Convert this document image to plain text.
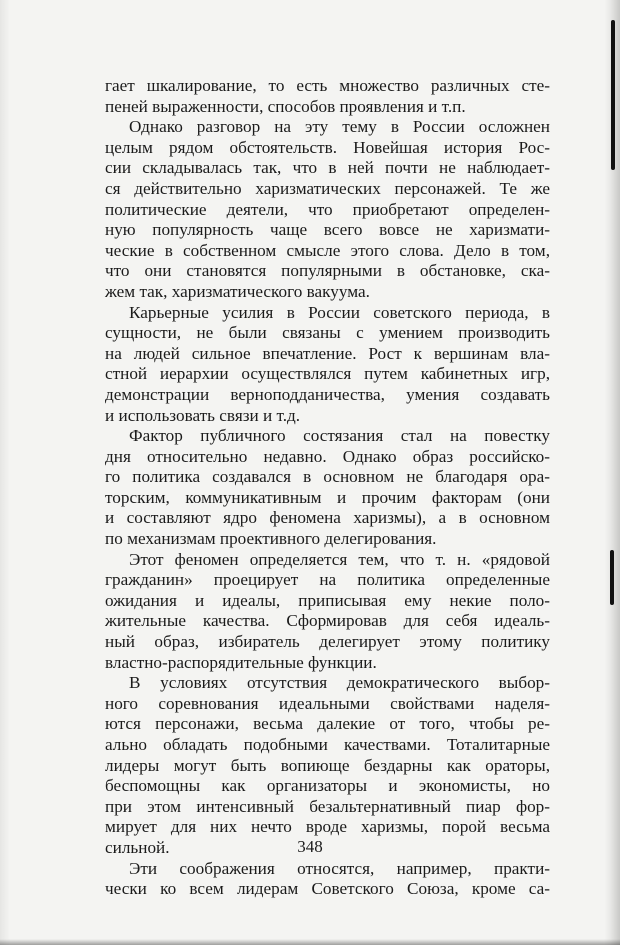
гает шкалирование, то есть множество различных сте-
пеней выраженности, способов проявления и т.п.
Однако разговор на эту тему в России осложнен
целым рядом обстоятельств. Новейшая история Рос-
сии складывалась так, что в ней почти не наблюдает-
ся действительно харизматических персонажей. Те же
политические деятели, что приобретают определен-
ную популярность чаще всего вовсе не харизмати-
ческие в собственном смысле этого слова. Дело в том,
что они становятся популярными в обстановке, ска-
жем так, харизматического вакуума.
Карьерные усилия в России советского периода, в
сущности, не были связаны с умением производить
на людей сильное впечатление. Рост к вершинам вла-
стной иерархии осуществлялся путем кабинетных игр,
демонстрации верноподданичества, умения создавать
и использовать связи и т.д.
Фактор публичного состязания стал на повестку
дня относительно недавно. Однако образ российско-
го политика создавался в основном не благодаря ора-
торским, коммуникативным и прочим факторам (они
и составляют ядро феномена харизмы), а в основном
по механизмам проективного делегирования.
Этот феномен определяется тем, что т. н. «рядовой
гражданин» проецирует на политика определенные
ожидания и идеалы, приписывая ему некие поло-
жительные качества. Сформировав для себя идеаль-
ный образ, избиратель делегирует этому политику
властно-распорядительные функции.
В условиях отсутствия демократического выбор-
ного соревнования идеальными свойствами наделя-
ются персонажи, весьма далекие от того, чтобы ре-
ально обладать подобными качествами. Тоталитарные
лидеры могут быть вопиюще бездарны как ораторы,
беспомощны как организаторы и экономисты, но
при этом интенсивный безальтернативный пиар фор-
мирует для них нечто вроде харизмы, порой весьма
сильной.
Эти соображения относятся, например, практи-
чески ко всем лидерам Советского Союза, кроме са-
348
